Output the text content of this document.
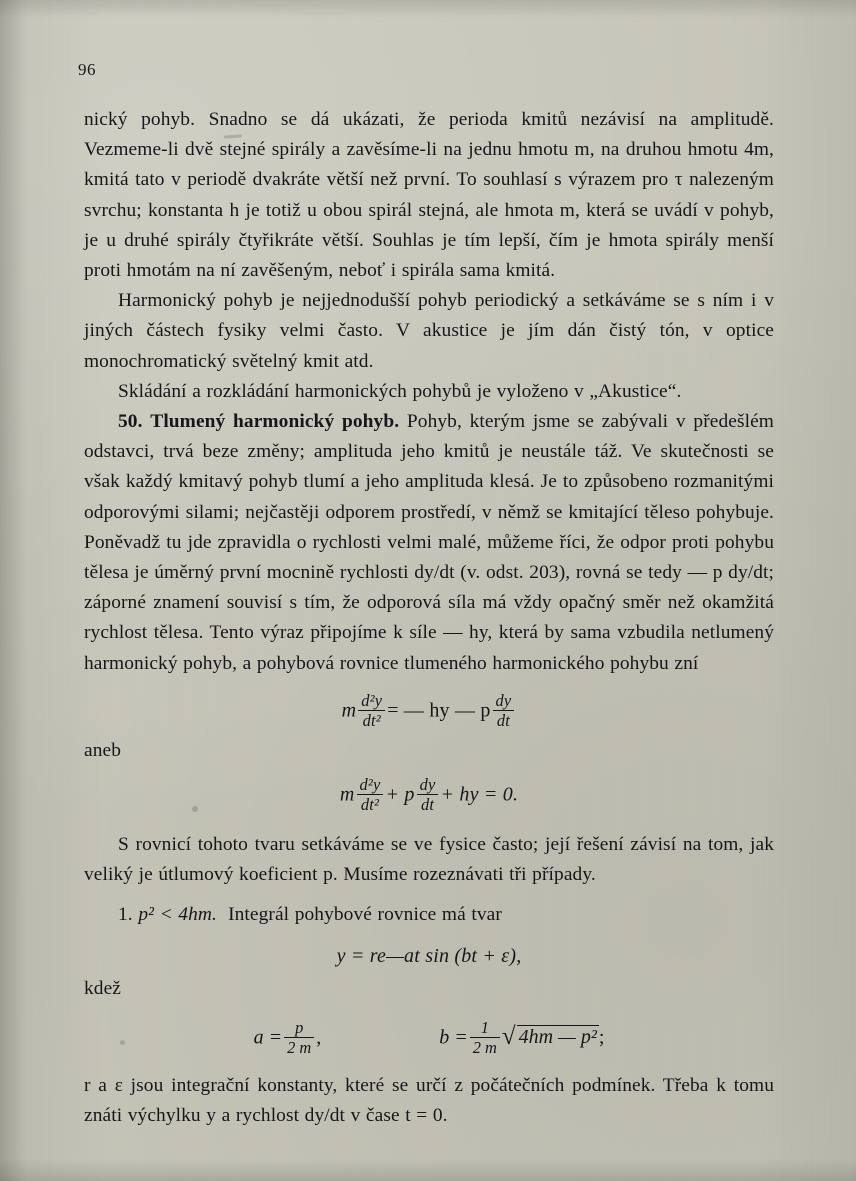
96

nický pohyb. Snadno se dá ukázati, že perioda kmitů nezávisí na amplitudě. Vezmeme-li dvě stejné spirály a zavěsíme-li na jednu hmotu m, na druhou hmotu 4m, kmitá tato v periodě dvakráte větší než první. To souhlasí s výrazem pro τ nalezeným svrchu; konstanta h je totiž u obou spirál stejná, ale hmota m, která se uvádí v pohyb, je u druhé spirály čtyřikráte větší. Souhlas je tím lepší, čím je hmota spirály menší proti hmotám na ní zavěšeným, neboť i spirála sama kmitá.

Harmonický pohyb je nejjednodušší pohyb periodický a setkáváme se s ním i v jiných částech fysiky velmi často. V akustice je jím dán čistý tón, v optice monochromatický světelný kmit atd.

Skládání a rozkládání harmonických pohybů je vyloženo v „Akustice“.

50. Tlumený harmonický pohyb. Pohyb, kterým jsme se zabývali v předešlém odstavci, trvá beze změny; amplituda jeho kmitů je neustále táž. Ve skutečnosti se však každý kmitavý pohyb tlumí a jeho amplituda klesá. Je to způsobeno rozmanitými odporovými silami; nejčastěji odporem prostředí, v němž se kmitající těleso pohybuje. Poněvadž tu jde zpravidla o rychlosti velmi malé, můžeme říci, že odpor proti pohybu tělesa je úměrný první mocnině rychlosti dy/dt (v. odst. 203), rovná se tedy — p dy/dt; záporné znamení souvisí s tím, že odporová síla má vždy opačný směr než okamžitá rychlost tělesa. Tento výraz připojíme k síle — hy, která by sama vzbudila netlumený harmonický pohyb, a pohybová rovnice tlumeného harmonického pohybu zní

m $\frac{\text{d²y}}{\text{dt²}}$ = — hy — p $\frac{dy}{dt}$

aneb

m $\frac{\text{d²y}}{\text{dt²}} + p \frac{dy}{dt}$ + hy = 0.

S rovnicí tohoto tvaru setkáváme se ve fysice často; její řešení závisí na tom, jak veliký je útlumový koeficient p. Musíme rozeznávati tři případy.

1. p² < 4hm. Integrál pohybové rovnice má tvar

y = re—at sin (bt + ε),

kdež

$a = \frac{p}{2 m}$ ,	$b = \frac{1}{2 m}$ √ 4hm — p² ;

r a ε jsou integrační konstanty, které se určí z počátečních podmínek. Třeba k tomu znáti výchylku y a rychlost dy/dt v čase t = 0.
